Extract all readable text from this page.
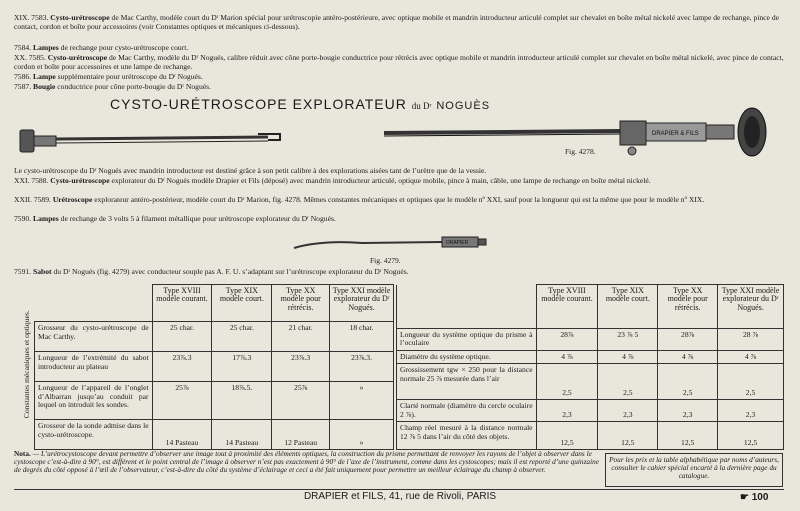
XIX. 7583. Cysto-urétroscope de Mac Carthy, modèle court du Dʳ Marion spécial pour urétroscopie antéro-postérieure, avec optique mobile et mandrin introducteur articulé complet sur chevalet en boîte métal nickelé avec lampe de rechange, pince de contact, cordon et boîte pour accessoires (voir Constantes optiques et mécaniques ci-dessous).
7584. Lampes de rechange pour cysto-urétroscope court.
XX. 7585. Cysto-urétroscope de Mac Carthy, modèle du Dʳ Nogués, calibre réduit avec cône porte-bougie conductrice pour rétrécis avec optique mobile et mandrin introducteur articulé complet sur chevalet en boîte métal nickelé, avec pince de contact, cordon et boîte pour accessoires et une lampe de rechange.
7586. Lampe supplémentaire pour urétroscope du Dʳ Nogués.
7587. Bougie conductrice pour cône porte-bougie du Dʳ Nogués.
CYSTO-URÉTROSCOPE EXPLORATEUR du Dʳ NOGUÈS
DRAPIER & FILS
Fig. 4278.
Le cysto-urétroscope du Dʳ Nogués avec mandrin introducteur est destiné grâce à son petit calibre à des explorations aisées tant de l’urètre que de la vessie.
XXI. 7588. Cysto-urétroscope explorateur du Dʳ Nogués modèle Drapier et Fils (déposé) avec mandrin introducteur articulé, optique mobile, pince à main, câble, une lampe de rechange en boîte métal nickelé.
XXII. 7589. Urétroscope explorateur antéro-postérieur, modèle court du Dʳ Marion, fig. 4278. Mêmes constantes mécaniques et optiques que le modèle nº XXI, sauf pour la longueur qui est la même que pour le modèle nº XIX.
7590. Lampes de rechange de 3 volts 5 à filament métallique pour urétroscope explorateur du Dʳ Nogués.
DRAPIER
Fig. 4279.
7591. Sabot du Dʳ Nogués (fig. 4279) avec conducteur souple pas A. F. U. s’adaptant sur l’urétroscope explorateur du Dʳ Nogués.
Constantes mécaniques et optiques.
	Type XVIII modèle courant.	Type XIX modèle court.	Type XX modèle pour rétrécis.	Type XXI modèle explorateur du Dʳ Nogués.
Grosseur du cysto-urétroscope de Mac Carthy.	25 char.	25 char.	21 char.	18 char.
Longueur de l’extrémité du sabot introducteur au plateau	23⅞.3	17⅞.3	23⅞.3	23⅞.3.
Longueur de l’appareil de l’onglet d’Albarran jusqu’au conduit par lequel on introduit les sondes.	25⅞	18⅞.5.	25⅞	»
Grosseur de la sonde admise dans le cysto-urétroscope.	14 Pasteau	14 Pasteau	12 Pasteau	»
	Type XVIII modèle courant.	Type XIX modèle court.	Type XX modèle pour rétrécis.	Type XXI modèle explorateur du Dʳ Nogués.
Longueur du système optique du prisme à l’oculaire	28⅞	23 ⅞ 5	28⅞	28 ⅞
Diamètre du système optique.	4 ⅞	4 ⅞	4 ⅞	4 ⅞
Grossissement tgw × 250 pour la distance normale 25 ⅞ mesurée dans l’air	2,5	2,5	2,5	2,5
Clarté normale (diamètre du cercle oculaire 2 ⅞).	2,3	2,3	2,3	2,3
Champ réel mesuré à la distance normale 12 ⅞ 5 dans l’air du côté des objets.	12,5	12,5	12,5	12,5
Nota. — L’urétrocystoscope devant permettre d’observer une image tout à proximité des éléments optiques, la construction du prisme permettant de renvoyer les rayons de l’objet à observer dans le cystoscope c’est-à-dire à 90°, est différent et le point central de l’image à observer n’est pas exactement à 90° de l’axe de l’instrument, comme dans les cystoscopes; mais il est reporté d’une quinzaine de degrés du côté opposé à l’œil de l’observateur, c’est-à-dire du côté du système d’éclairage et ceci a été fait uniquement pour permettre un meilleur éclairage du champ à observer.
Pour les prix et la table alphabétique par noms d’auteurs, consulter le cahier spécial encarté à la dernière page du catalogue.
DRAPIER et FILS, 41, rue de Rivoli, PARIS	☛ 100
